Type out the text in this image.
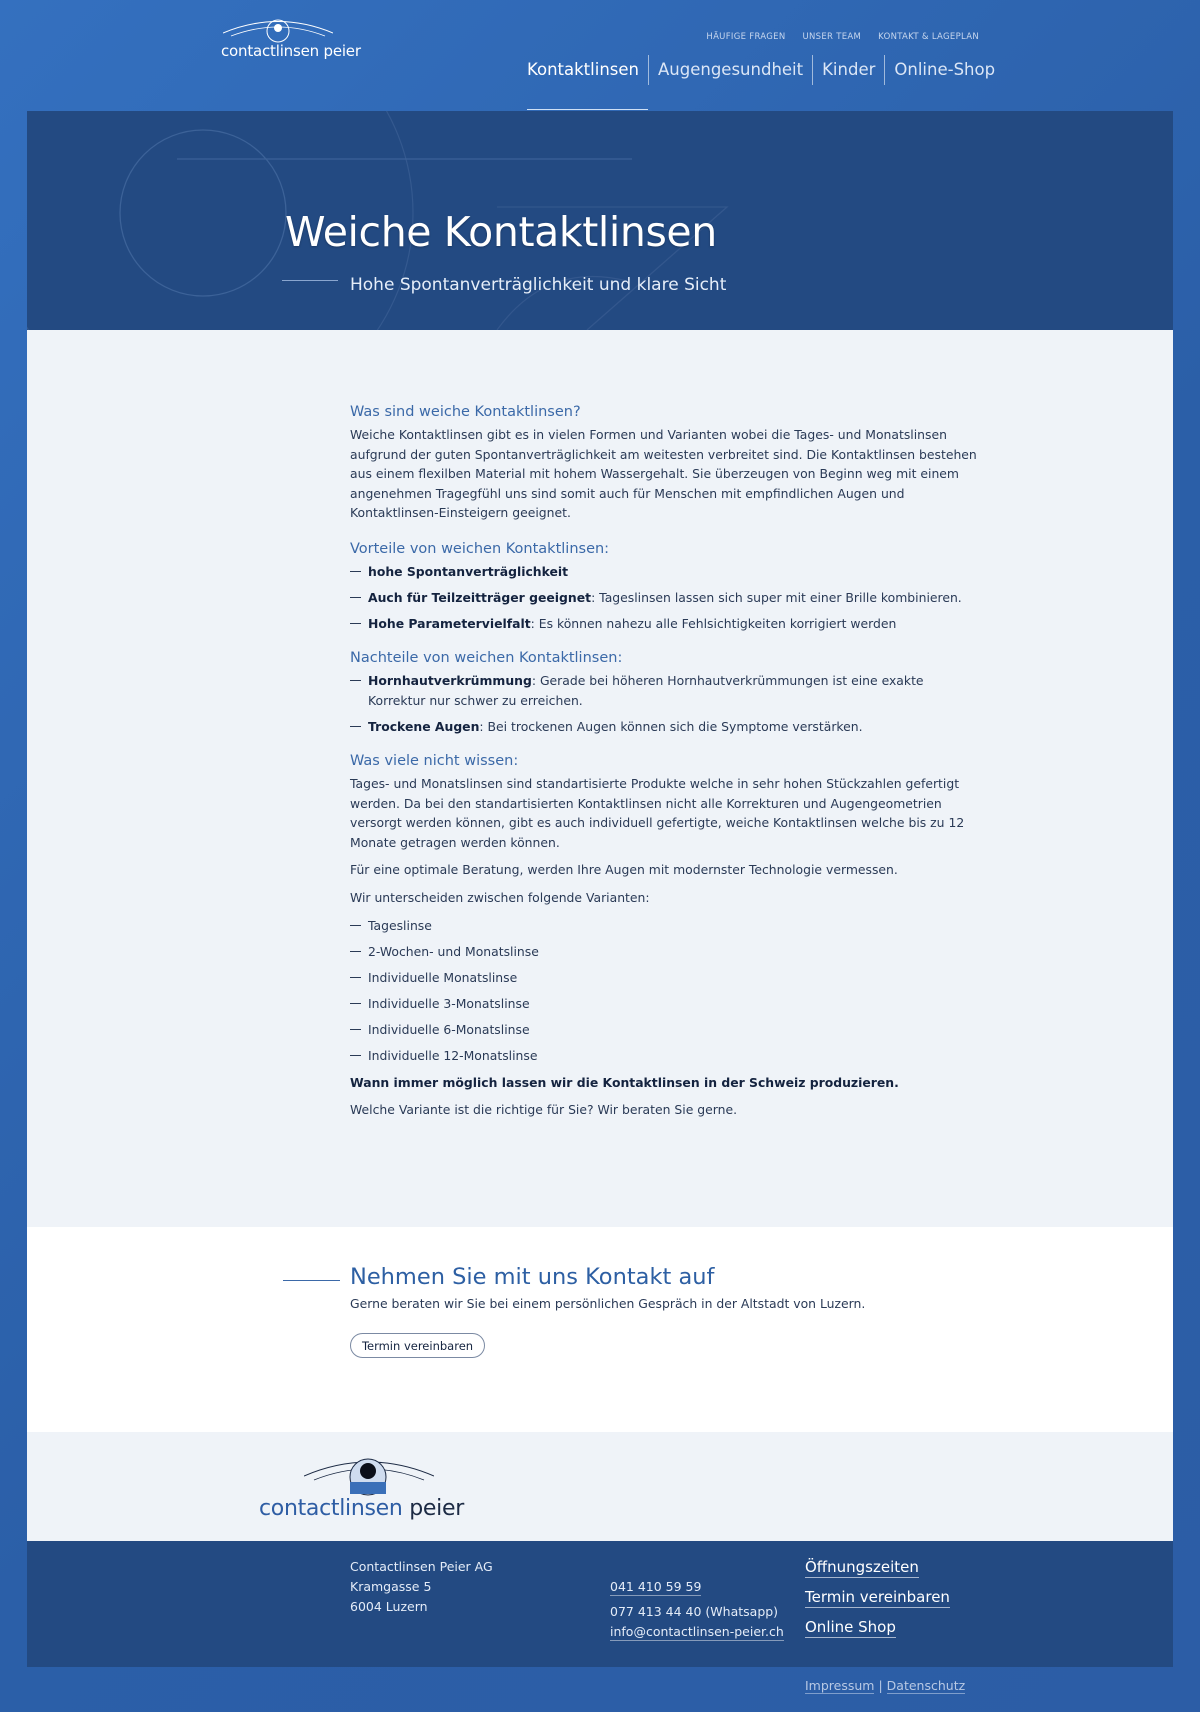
contactlinsen peier
HÄUFIGE FRAGEN UNSER TEAM KONTAKT & LAGEPLAN
Kontaktlinsen	Augengesundheit	Kinder	Online-Shop
Weiche Kontaktlinsen
Hohe Spontanverträglichkeit und klare Sicht
Was sind weiche Kontaktlinsen?

Weiche Kontaktlinsen gibt es in vielen Formen und Varianten wobei die Tages- und Monatslinsen aufgrund der guten Spontanverträglichkeit am weitesten verbreitet sind. Die Kontaktlinsen bestehen aus einem flexilben Material mit hohem Wassergehalt. Sie überzeugen von Beginn weg mit einem angenehmen Tragegfühl uns sind somit auch für Menschen mit empfindlichen Augen und Kontaktlinsen-Einsteigern geeignet.

Vorteile von weichen Kontaktlinsen:
hohe Spontanverträglichkeit
Auch für Teilzeitträger geeignet: Tageslinsen lassen sich super mit einer Brille kombinieren.
Hohe Parametervielfalt: Es können nahezu alle Fehlsichtigkeiten korrigiert werden
Nachteile von weichen Kontaktlinsen:
Hornhautverkrümmung: Gerade bei höheren Hornhautverkrümmungen ist eine exakte Korrektur nur schwer zu erreichen.
Trockene Augen: Bei trockenen Augen können sich die Symptome verstärken.
Was viele nicht wissen:

Tages- und Monatslinsen sind standartisierte Produkte welche in sehr hohen Stückzahlen gefertigt werden. Da bei den standartisierten Kontaktlinsen nicht alle Korrekturen und Augengeometrien versorgt werden können, gibt es auch individuell gefertigte, weiche Kontaktlinsen welche bis zu 12 Monate getragen werden können.

Für eine optimale Beratung, werden Ihre Augen mit modernster Technologie vermessen.

Wir unterscheiden zwischen folgende Varianten:

Tageslinse
2-Wochen- und Monatslinse
Individuelle Monatslinse
Individuelle 3-Monatslinse
Individuelle 6-Monatslinse
Individuelle 12-Monatslinse

Wann immer möglich lassen wir die Kontaktlinsen in der Schweiz produzieren.

Welche Variante ist die richtige für Sie? Wir beraten Sie gerne.

Nehmen Sie mit uns Kontakt auf

Gerne beraten wir Sie bei einem persönlichen Gespräch in der Altstadt von Luzern.

Termin vereinbaren
contactlinsen peier
Contactlinsen Peier AG
Kramgasse 5
6004 Luzern
041 410 59 59
077 413 44 40 (Whatsapp)
info@contactlinsen-peier.ch
Öffnungszeiten
Termin vereinbaren
Online Shop
Impressum | Datenschutz
